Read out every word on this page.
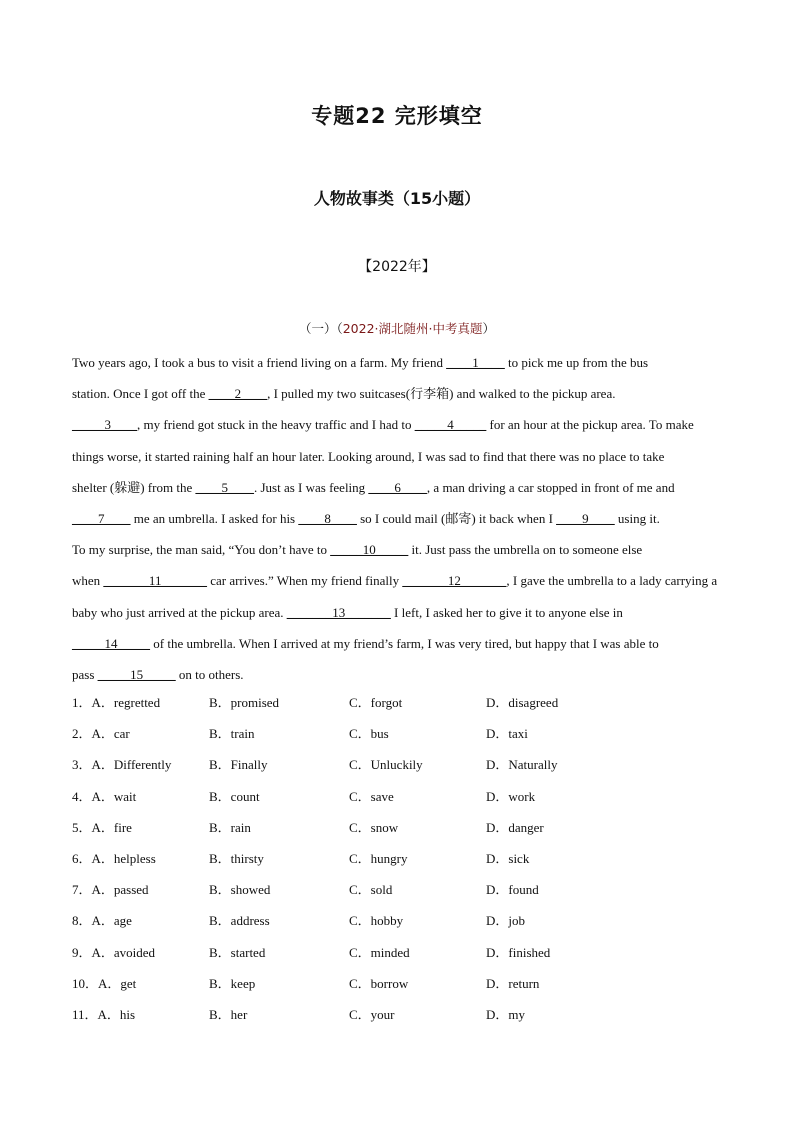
专题22 完形填空
人物故事类（15小题）
【2022年】
（一）（2022·湖北随州·中考真题）
Two years ago, I took a bus to visit a friend living on a farm. My friend ____1____ to pick me up from the bus
station. Once I got off the ____2____, I pulled my two suitcases(行李箱) and walked to the pickup area.
_____3____, my friend got stuck in the heavy traffic and I had to _____4_____ for an hour at the pickup area. To make
things worse, it started raining half an hour later. Looking around, I was sad to find that there was no place to take
shelter (躲避) from the ____5____. Just as I was feeling ____6____, a man driving a car stopped in front of me and
____7____ me an umbrella. I asked for his ____8____ so I could mail (邮寄) it back when I ____9____ using it.
To my surprise, the man said, “You don’t have to _____10_____ it. Just pass the umbrella on to someone else
when _______11_______ car arrives.” When my friend finally _______12_______, I gave the umbrella to a lady carrying a
baby who just arrived at the pickup area. _______13_______ I left, I asked her to give it to anyone else in
_____14_____ of the umbrella. When I arrived at my friend’s farm, I was very tired, but happy that I was able to
pass _____15_____ on to others.
1．A．regretted	B．promised	C．forgot	D．disagreed
2．A．car	B．train	C．bus	D．taxi
3．A．Differently	B．Finally	C．Unluckily	D．Naturally
4．A．wait	B．count	C．save	D．work
5．A．fire	B．rain	C．snow	D．danger
6．A．helpless	B．thirsty	C．hungry	D．sick
7．A．passed	B．showed	C．sold	D．found
8．A．age	B．address	C．hobby	D．job
9．A．avoided	B．started	C．minded	D．finished
10．A．get	B．keep	C．borrow	D．return
11．A．his	B．her	C．your	D．my
